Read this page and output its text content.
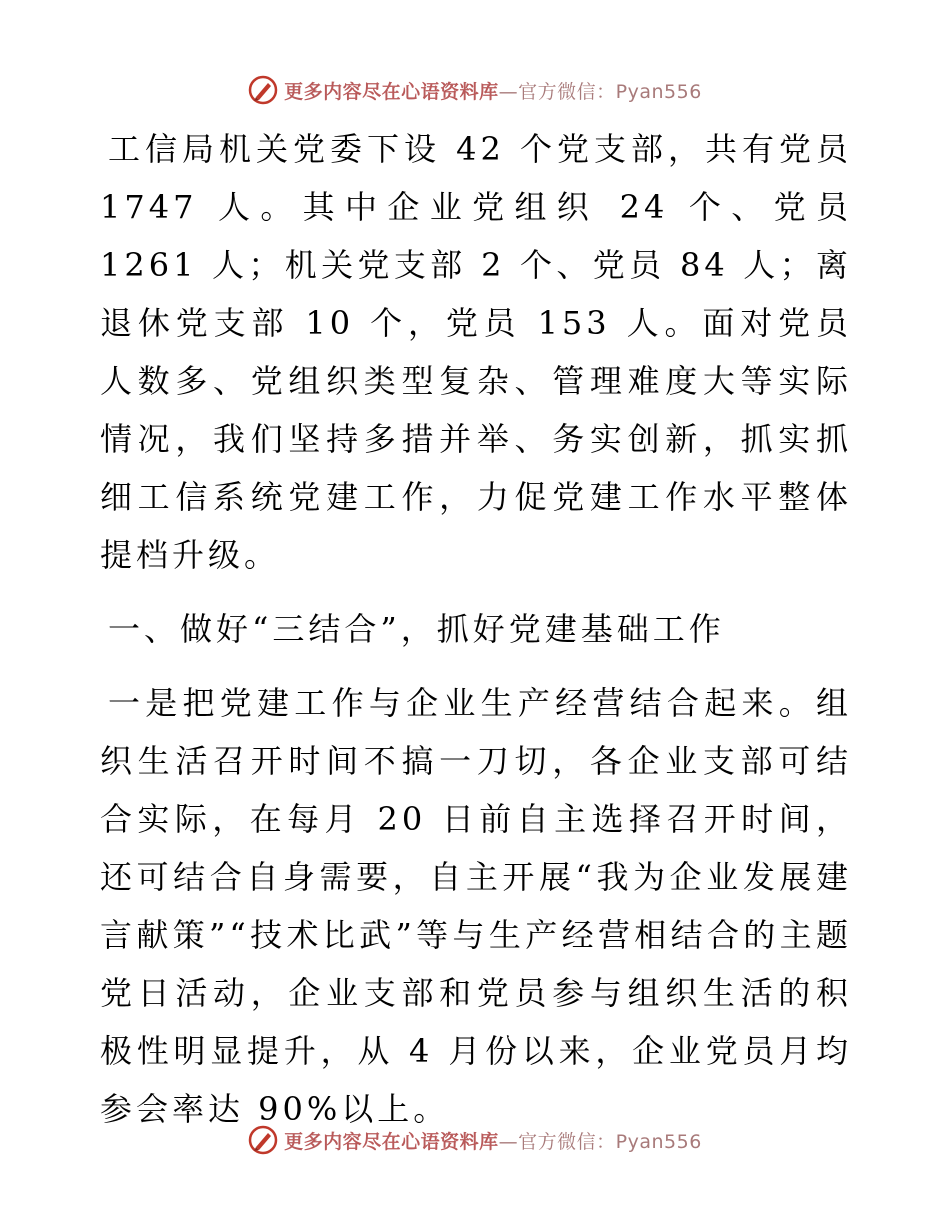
更多内容尽在心语资料库—官方微信：Pyan556

工信局机关党委下设 42 个党支部，共有党员 1747 人。其中企业党组织 24 个、党员 1261 人；机关党支部 2 个、党员 84 人；离退休党支部 10 个，党员 153 人。面对党员人数多、党组织类型复杂、管理难度大等实际情况，我们坚持多措并举、务实创新，抓实抓细工信系统党建工作，力促党建工作水平整体提档升级。

一、做好“三结合”，抓好党建基础工作

一是把党建工作与企业生产经营结合起来。组织生活召开时间不搞一刀切，各企业支部可结合实际，在每月 20 日前自主选择召开时间，还可结合自身需要，自主开展“我为企业发展建言献策”“技术比武”等与生产经营相结合的主题党日活动，企业支部和党员参与组织生活的积极性明显提升，从 4 月份以来，企业党员月均参会率达 90%以上。

更多内容尽在心语资料库—官方微信：Pyan556
